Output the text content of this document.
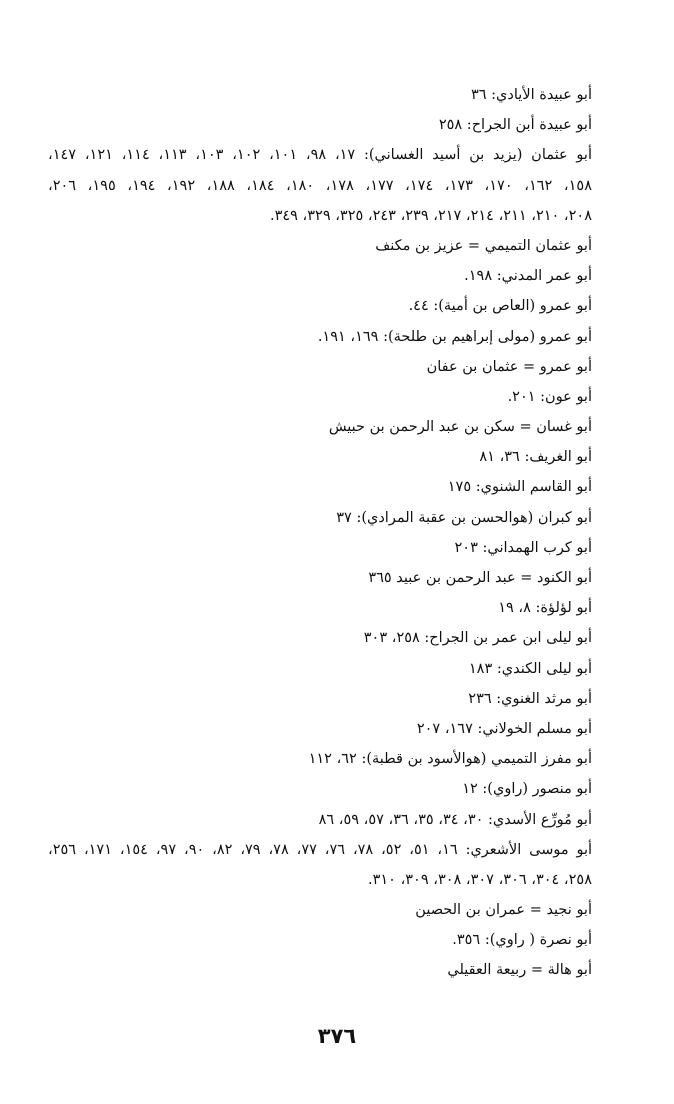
أبو عبيدة الأيادي: ٣٦
أبو عبيدة أبن الجراح: ٢٥٨
أبو عثمان (يزيد بن أسيد الغساني): ١٧، ٩٨، ١٠١، ١٠٢، ١٠٣، ١١٣، ١١٤، ١٢١، ١٤٧،
١٥٨، ١٦٢، ١٧٠، ١٧٣، ١٧٤، ١٧٧، ١٧٨، ١٨٠، ١٨٤، ١٨٨، ١٩٢، ١٩٤، ١٩٥، ٢٠٦،
٢٠٨، ٢١٠، ٢١١، ٢١٤، ٢١٧، ٢٣٩، ٢٤٣، ٣٢٥، ٣٢٩، ٣٤٩.
أبو عثمان التميمي = عزيز بن مكنف
أبو عمر المدني: ١٩٨.
أبو عمرو (العاص بن أمية): ٤٤.
أبو عمرو (مولى إبراهيم بن طلحة): ١٦٩، ١٩١.
أبو عمرو = عثمان بن عفان
أبو عون: ٢٠١.
أبو غسان = سكن بن عبد الرحمن بن حبيش
أبو الغريف: ٣٦، ٨١
أبو القاسم الشنوي: ١٧٥
أبو كبران (هوالحسن بن عقبة المرادي): ٣٧
أبو كرب الهمداني: ٢٠٣
أبو الكنود = عبد الرحمن بن عبيد ٣٦٥
أبو لؤلؤة: ٨، ١٩
أبو ليلى ابن عمر بن الجراح: ٢٥٨، ٣٠٣
أبو ليلى الكندي: ١٨٣
أبو مرثد الغنوي: ٢٣٦
أبو مسلم الخولاني: ١٦٧، ٢٠٧
أبو مفرز التميمي (هوالأسود بن قطبة): ٦٢، ١١٢
أبو منصور (راوي): ١٢
أبو مُورِّع الأسدي: ٣٠، ٣٤، ٣٥، ٣٦، ٥٧، ٥٩، ٨٦
أبو موسى الأشعري: ١٦، ٥١، ٥٢، ٧٨، ٧٦، ٧٧، ٧٨، ٧٩، ٨٢، ٩٠، ٩٧، ١٥٤، ١٧١، ٢٥٦،
٢٥٨، ٣٠٤، ٣٠٦، ٣٠٧، ٣٠٨، ٣٠٩، ٣١٠.
أبو نجيد = عمران بن الحصين
أبو نصرة ( راوي): ٣٥٦.
أبو هالة = ربيعة العقيلي
٣٧٦
